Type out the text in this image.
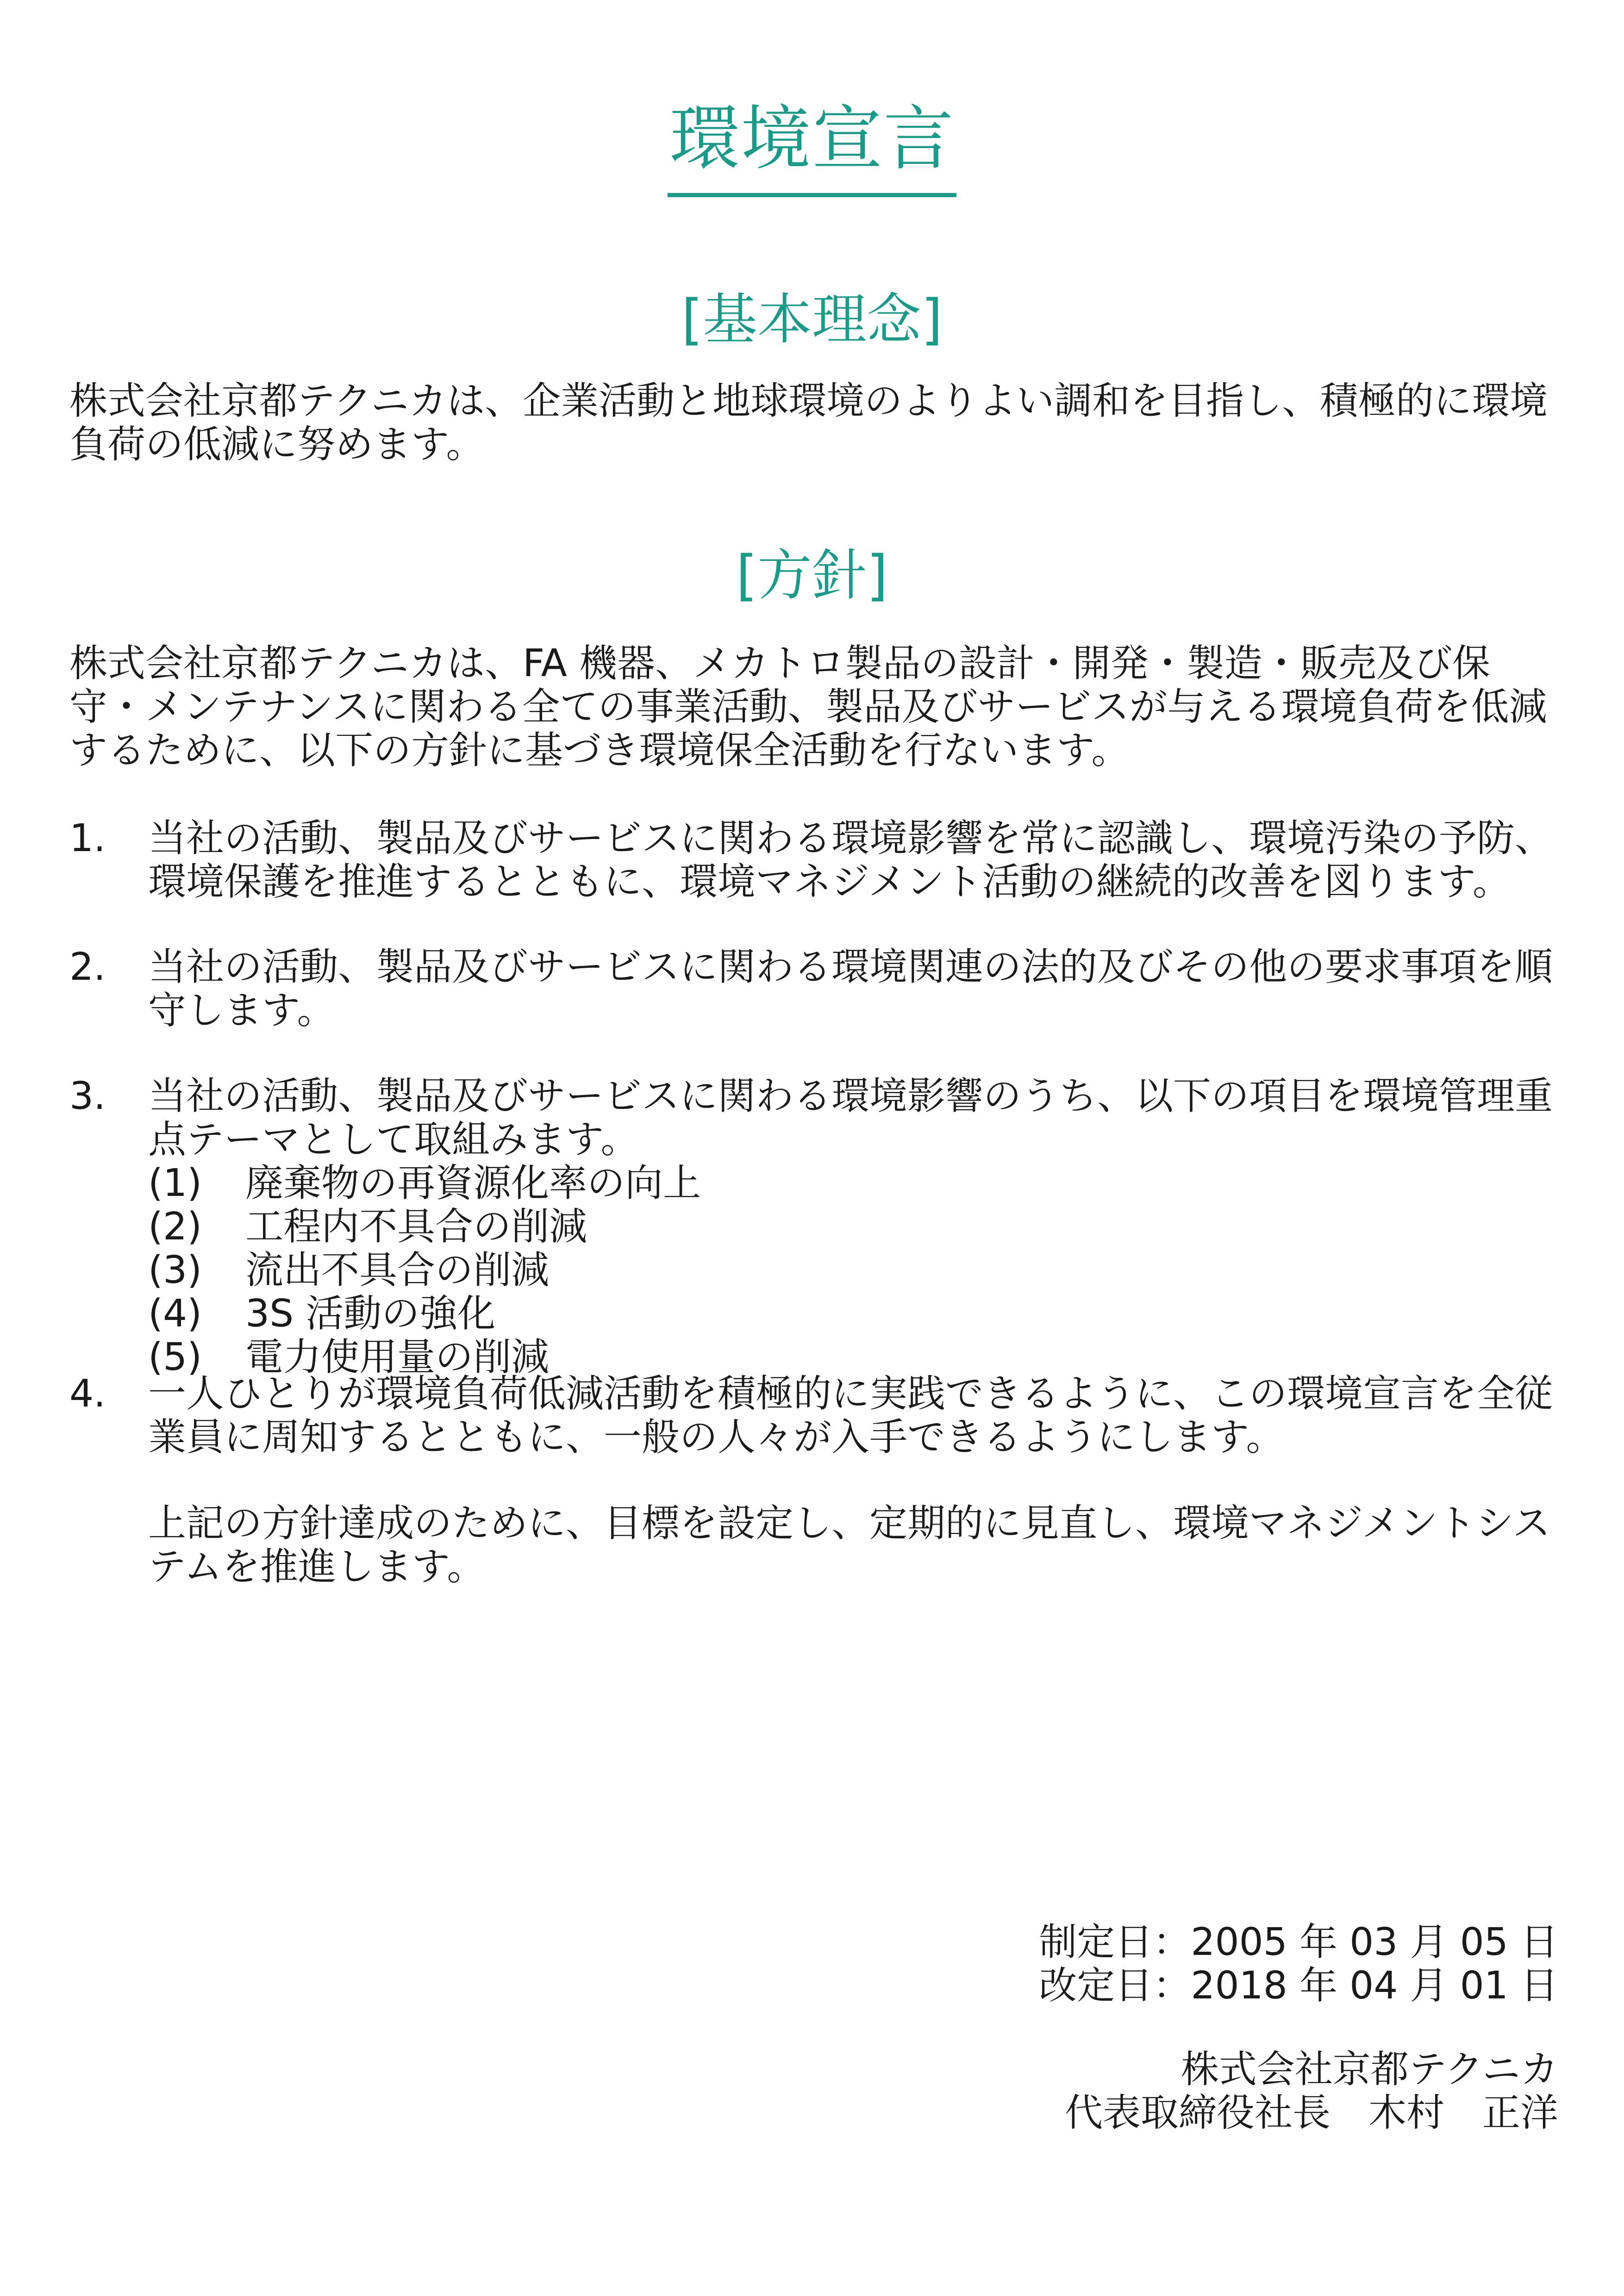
環境宣言
[基本理念]

株式会社京都テクニカは、企業活動と地球環境のよりよい調和を目指し、積極的に環境負荷の低減に努めます。

[方針]

株式会社京都テクニカは、FA 機器、メカトロ製品の設計・開発・製造・販売及び保守・メンテナンスに関わる全ての事業活動、製品及びサービスが与える環境負荷を低減するために、以下の方針に基づき環境保全活動を行ないます。

1. 当社の活動、製品及びサービスに関わる環境影響を常に認識し、環境汚染の予防、環境保護を推進するとともに、環境マネジメント活動の継続的改善を図ります。
2. 当社の活動、製品及びサービスに関わる環境関連の法的及びその他の要求事項を順守します。
3. 当社の活動、製品及びサービスに関わる環境影響のうち、以下の項目を環境管理重点テーマとして取組みます。
(1) 廃棄物の再資源化率の向上
(2) 工程内不具合の削減
(3) 流出不具合の削減
(4) 3S 活動の強化
(5) 電力使用量の削減
4. 一人ひとりが環境負荷低減活動を積極的に実践できるように、この環境宣言を全従業員に周知するとともに、一般の人々が入手できるようにします。
上記の方針達成のために、目標を設定し、定期的に見直し、環境マネジメントシステムを推進します。
制定日：2005 年 03 月 05 日
改定日：2018 年 04 月 01 日
株式会社京都テクニカ
代表取締役社長　木村　正洋
